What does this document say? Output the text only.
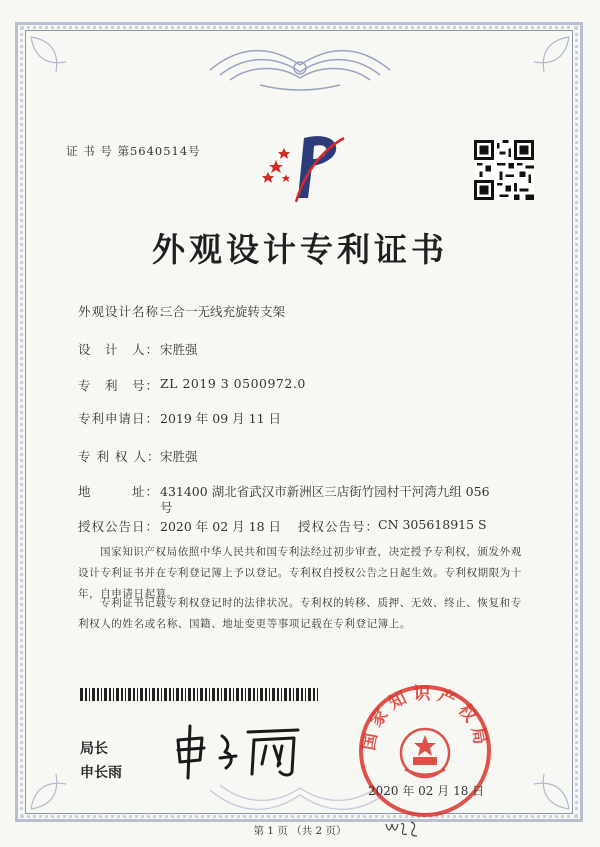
证 书 号 第5640514号
外观设计专利证书
外观设计名称：
三合一无线充旋转支架
设　计　人： 宋胜强
专　利　号： ZL 2019 3 0500972.0
专利申请日： 2019 年 09 月 11 日
专 利 权 人： 宋胜强
地　　　址： 431400 湖北省武汉市新洲区三店街竹园村干河湾九组 056
号
授权公告日： 2020 年 02 月 18 日 授权公告号：
CN 305618915 S
国家知识产权局依照中华人民共和国专利法经过初步审查，决定授予专利权，颁发外观
设计专利证书并在专利登记簿上予以登记。专利权自授权公告之日起生效。专利权期限为十
年，自申请日起算。
专利证书记载专利权登记时的法律状况。专利权的转移、质押、无效、终止、恢复和专
利权人的姓名或名称、国籍、地址变更等事项记载在专利登记簿上。
局长
申长雨
国家知识产权局
2020 年 02 月 18 日
第 1 页 （共 2 页）
